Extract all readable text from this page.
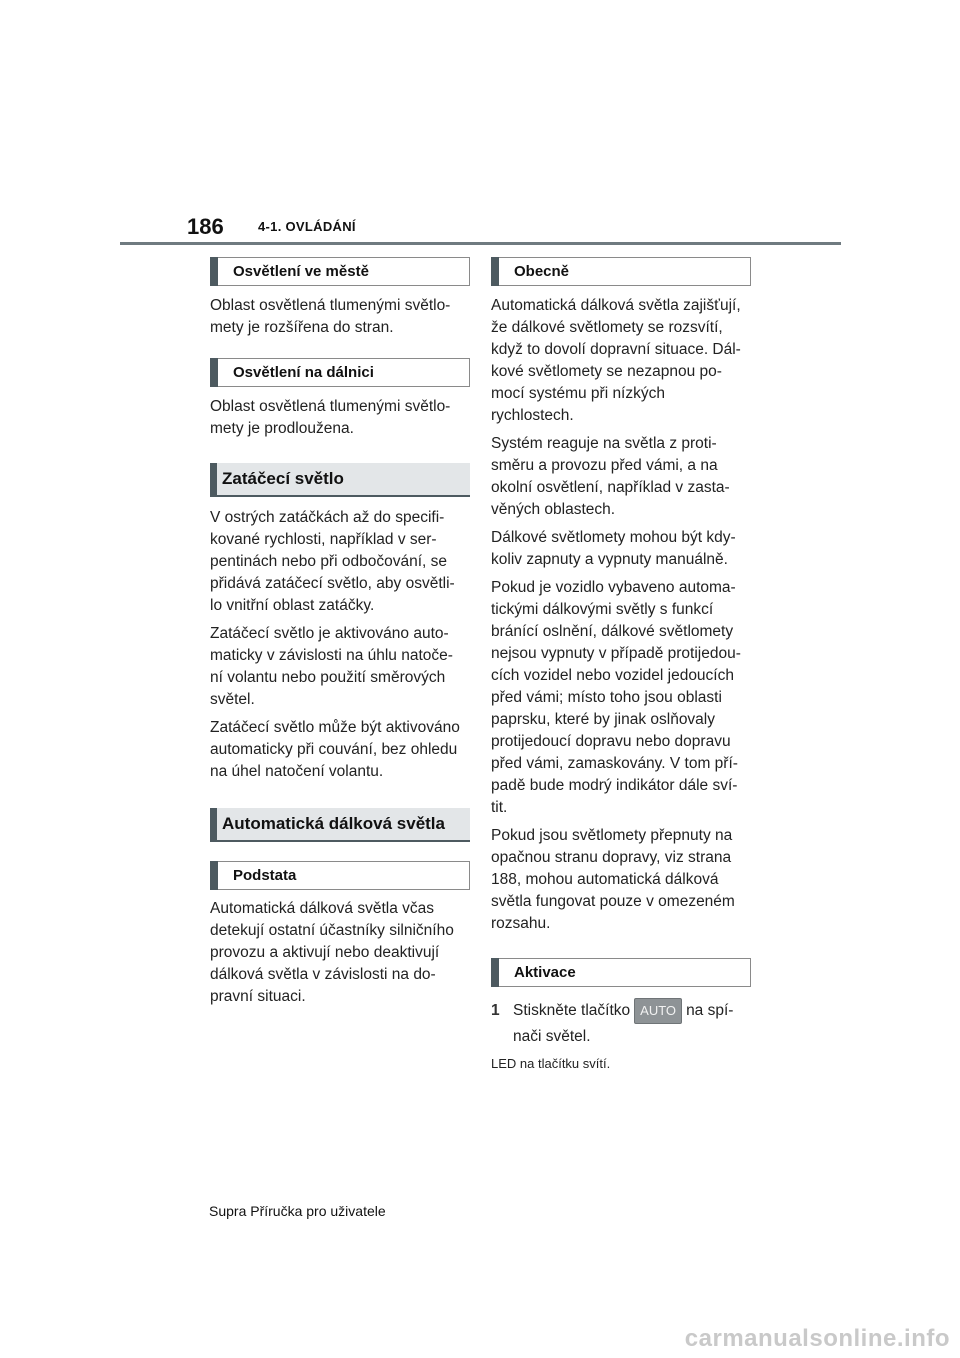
186	4-1. OVLÁDÁNÍ
Osvětlení ve městě

Oblast osvětlená tlumenými světlo-
mety je rozšířena do stran.

Osvětlení na dálnici

Oblast osvětlená tlumenými světlo-
mety je prodloužena.

Zatáčecí světlo

V ostrých zatáčkách až do specifi-
kované rychlosti, například v ser-
pentinách nebo při odbočování, se
přidává zatáčecí světlo, aby osvětli-
lo vnitřní oblast zatáčky.

Zatáčecí světlo je aktivováno auto-
maticky v závislosti na úhlu natoče-
ní volantu nebo použití směrových
světel.

Zatáčecí světlo může být aktivováno
automaticky při couvání, bez ohledu
na úhel natočení volantu.

Automatická dálková světla
Podstata

Automatická dálková světla včas
detekují ostatní účastníky silničního
provozu a aktivují nebo deaktivují
dálková světla v závislosti na do-
pravní situaci.

Obecně

Automatická dálková světla zajišťují,
že dálkové světlomety se rozsvítí,
když to dovolí dopravní situace. Dál-
kové světlomety se nezapnou po-
mocí systému při nízkých
rychlostech.

Systém reaguje na světla z proti-
směru a provozu před vámi, a na
okolní osvětlení, například v zasta-
věných oblastech.

Dálkové světlomety mohou být kdy-
koliv zapnuty a vypnuty manuálně.

Pokud je vozidlo vybaveno automa-
tickými dálkovými světly s funkcí
bránící oslnění, dálkové světlomety
nejsou vypnuty v případě protijedou-
cích vozidel nebo vozidel jedoucích
před vámi; místo toho jsou oblasti
paprsku, které by jinak oslňovaly
protijedoucí dopravu nebo dopravu
před vámi, zamaskovány. V tom pří-
padě bude modrý indikátor dále sví-
tit.

Pokud jsou světlomety přepnuty na
opačnou stranu dopravy, viz strana
188, mohou automatická dálková
světla fungovat pouze v omezeném
rozsahu.

Aktivace
1 Stiskněte tlačítko AUTO na spí-
nači světel.
LED na tlačítku svítí.
Supra Příručka pro uživatele
carmanualsonline.info
